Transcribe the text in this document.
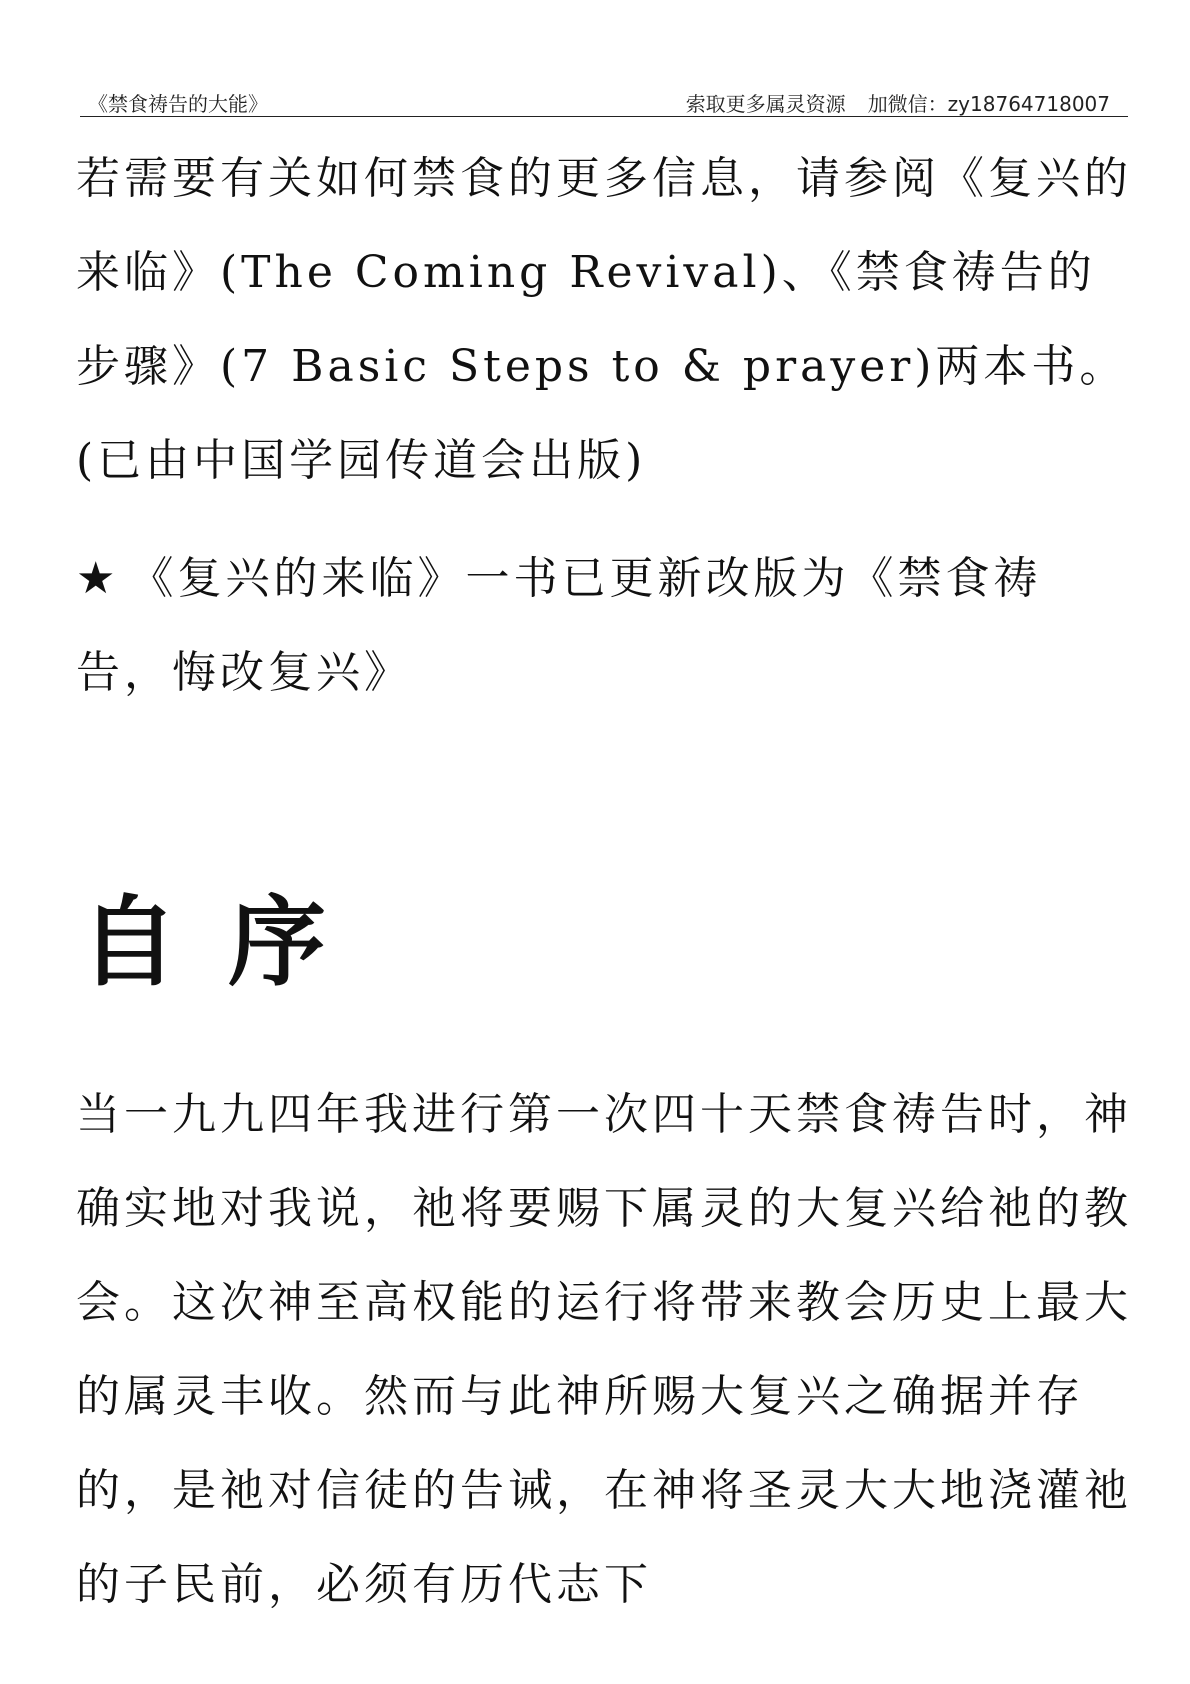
《禁食祷告的大能》	索取更多属灵资源 加微信：zy18764718007

若需要有关如何禁食的更多信息，请参阅《复兴的来临》(The Coming Revival)、《禁食祷告的步骤》(7 Basic Steps to & prayer)两本书。(已由中国学园传道会出版)

★ 《复兴的来临》一书已更新改版为《禁食祷告，悔改复兴》

自序

当一九九四年我进行第一次四十天禁食祷告时，神确实地对我说，祂将要赐下属灵的大复兴给祂的教会。这次神至高权能的运行将带来教会历史上最大的属灵丰收。然而与此神所赐大复兴之确据并存的，是祂对信徒的告诫，在神将圣灵大大地浇灌祂的子民前，必须有历代志下
